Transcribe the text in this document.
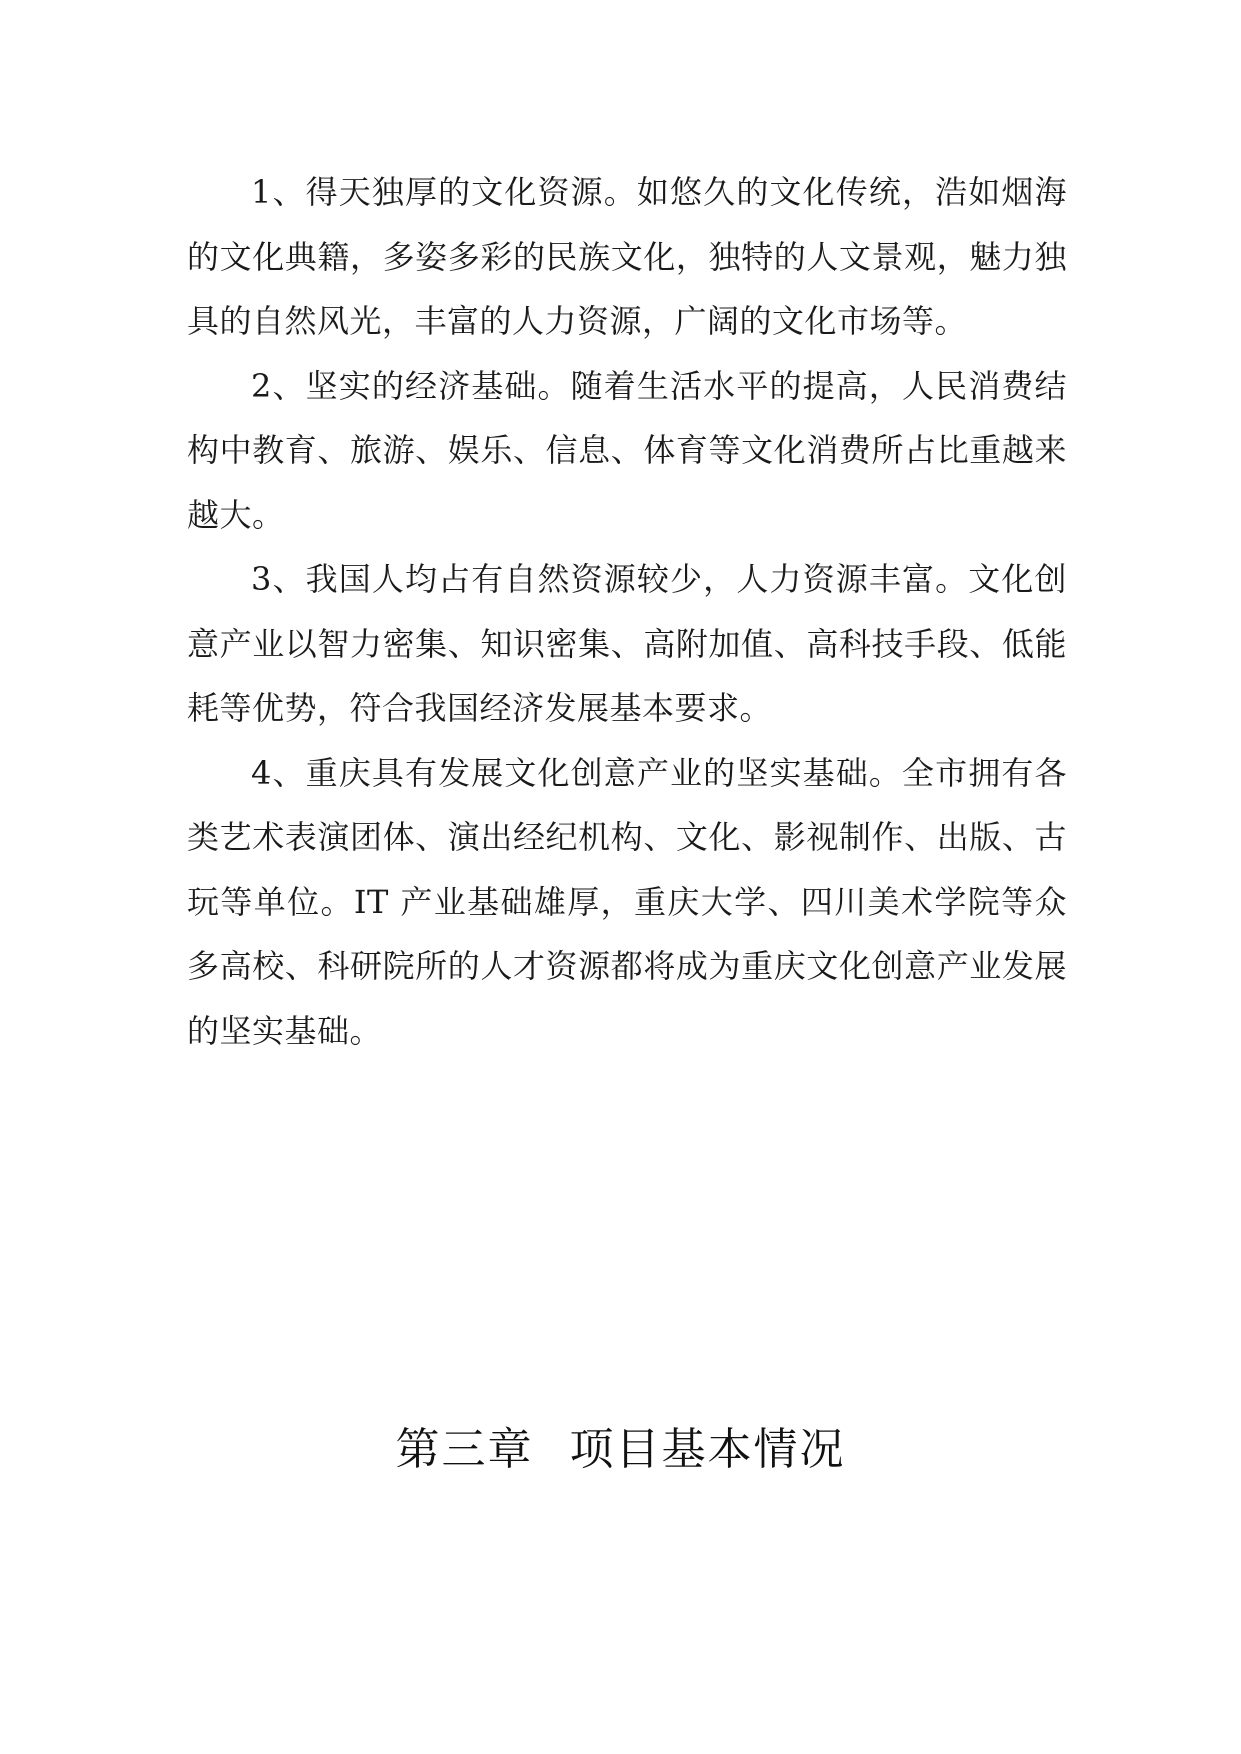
1、得天独厚的文化资源。如悠久的文化传统，浩如烟海的文化典籍，多姿多彩的民族文化，独特的人文景观，魅力独具的自然风光，丰富的人力资源，广阔的文化市场等。

2、坚实的经济基础。随着生活水平的提高，人民消费结构中教育、旅游、娱乐、信息、体育等文化消费所占比重越来越大。

3、我国人均占有自然资源较少，人力资源丰富。文化创意产业以智力密集、知识密集、高附加值、高科技手段、低能耗等优势，符合我国经济发展基本要求。

4、重庆具有发展文化创意产业的坚实基础。全市拥有各类艺术表演团体、演出经纪机构、文化、影视制作、出版、古玩等单位。IT 产业基础雄厚，重庆大学、四川美术学院等众多高校、科研院所的人才资源都将成为重庆文化创意产业发展的坚实基础。

第三章 项目基本情况
